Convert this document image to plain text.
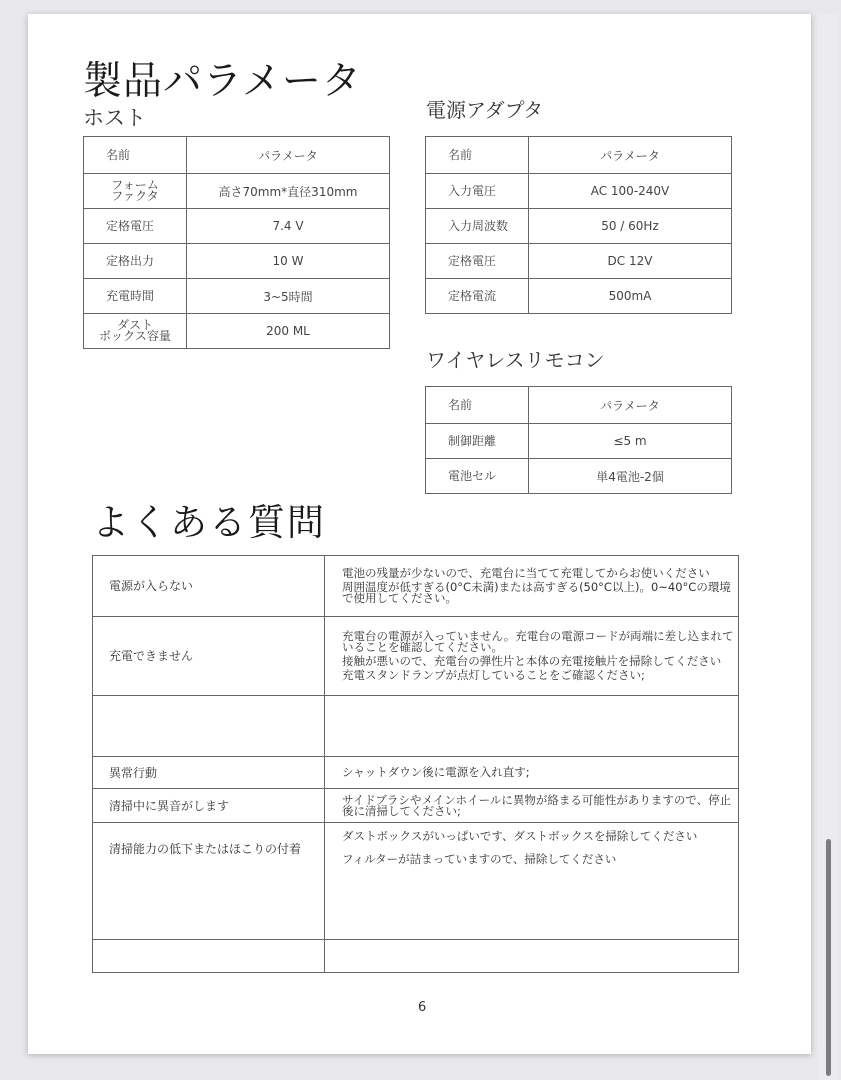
製品パラメータ
ホスト	電源アダプタ
ワイヤレスリモコン
名前	パラメータ
フォーム
ファクタ	高さ70mm*直径310mm
定格電圧	7.4 V
定格出力	10 W
充電時間	3~5時間
ダスト
ボックス容量	200 ML
名前	パラメータ
入力電圧	AC 100-240V
入力周波数	50 / 60Hz
定格電圧	DC 12V
定格電流	500mA
名前	パラメータ
制御距離	≤5 m
電池セル	単4電池-2個
よくある質問
電源が入らない	電池の残量が少ないので、充電台に当てて充電してからお使いください
周囲温度が低すぎる(0°C未満)または高すぎる(50°C以上)。0~40°Cの環境で使用してください。

充電できません	充電台の電源が入っていません。充電台の電源コードが両端に差し込まれていることを確認してください。
接触が悪いので、充電台の弾性片と本体の充電接触片を掃除してください
充電スタンドランプが点灯していることをご確認ください;

異常行動	シャットダウン後に電源を入れ直す;

清掃中に異音がします	サイドブラシやメインホイールに異物が絡まる可能性がありますので、停止後に清掃してください;

清掃能力の低下またはほこりの付着	ダストボックスがいっぱいです、ダストボックスを掃除してください
フィルターが詰まっていますので、掃除してください

6
